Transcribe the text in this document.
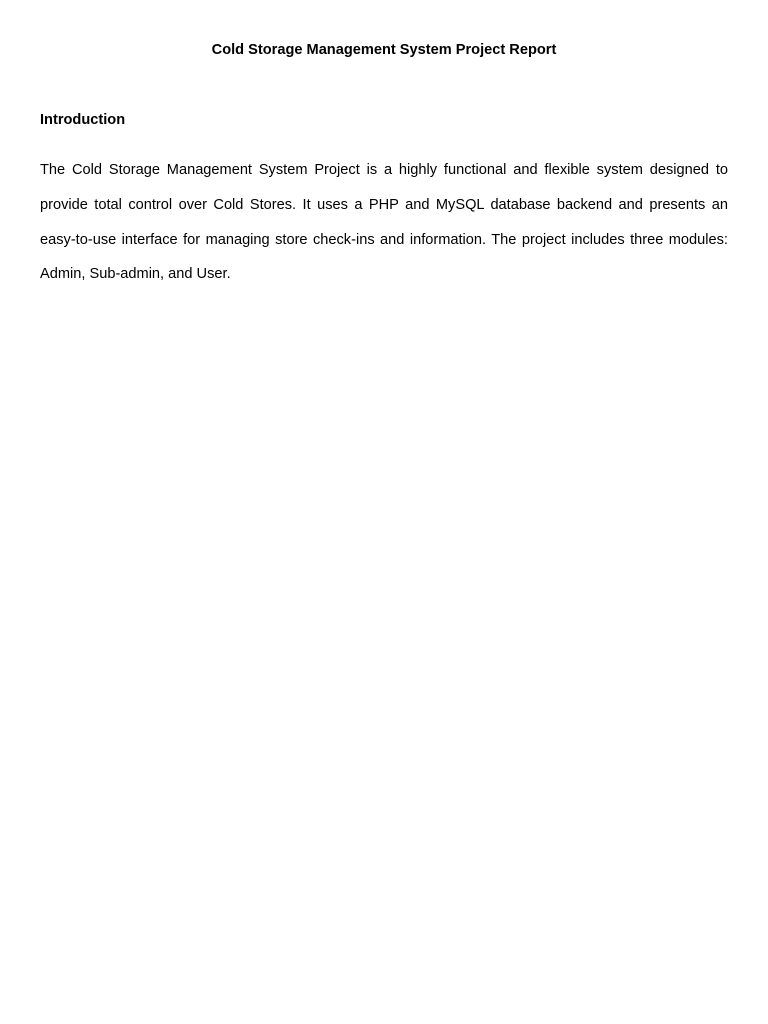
Cold Storage Management System Project Report
Introduction

The Cold Storage Management System Project is a highly functional and flexible system designed to provide total control over Cold Stores. It uses a PHP and MySQL database backend and presents an easy-to-use interface for managing store check-ins and information. The project includes three modules: Admin, Sub-admin, and User.
